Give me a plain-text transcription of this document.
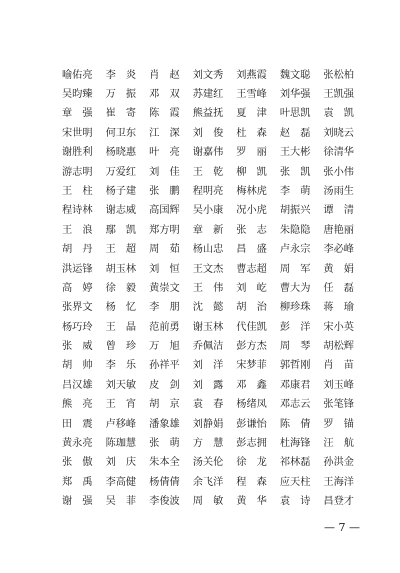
喻佑亮	李　炎	肖　赵	刘文秀	刘燕霞	魏文聪	张松柏
吴昀臻	万　振	邓　双	苏建红	王雪峰	刘华强	王凯强
章　强	崔　寄	陈　霞	熊益抚	夏　津	叶思凯	袁　凯
宋世明	何卫东	江　深	刘　俊	杜　森	赵　磊	刘晓云
谢胜利	杨晓惠	叶　亮	谢嘉伟	罗　丽	王大彬	徐清华
游志明	万爱红	刘　佳	王　乾	柳　凯	张　凯	张小伟
王　柱	杨子建	张　鹏	程明亮	梅林虎	李　萌	汤雨生
程诗林	谢志威	高国辉	吴小康	况小虎	胡振兴	谭　清
王　浪	鄢　凯	郑方明	章　新	张　志	朱隐隐	唐艳丽
胡　丹	王　超	周　茹	杨山忠	昌　盛	卢永宗	李必峰
洪运锋	胡玉林	刘　恒	王文杰	曹志超	周　军	黄　娟
高　婷	徐　毅	黄崇文	王　伟	刘　屹	曹大为	任　磊
张界文	杨　忆	李　朋	沈　懿	胡　治	柳珍珠	蒋　瑜
杨巧玲	王　晶	范前勇	谢玉林	代佳凯	彭　洋	宋小英
张　威	曾　珍	万　旭	乔佩洁	彭方杰	周　琴	胡松辉
胡　帅	李　乐	孙祥平	刘　洋	宋梦菲	郭哲刚	肖　苗
吕汉雄	刘天敏	皮　剑	刘　露	邓　鑫	邓康君	刘玉峰
熊　亮	王　宵	胡　京	袁　春	杨绪凤	邓志云	张笔锋
田　震	卢移峰	潘象雄	刘静娟	彭谦怡	陈　倩	罗　锚
黄永亮	陈珈慧	张　萌	方　慧	彭志拥	杜海锋	汪　航
张　傲	刘　庆	朱本全	汤关伦	徐　龙	祁林磊	孙洪金
郑　禹	李高健	杨倩倩	余飞洋	程　森	应天柱	王海洋
谢　强	吴　菲	李俊波	周　敏	黄　华	袁　诗	昌登才
— 7 —
